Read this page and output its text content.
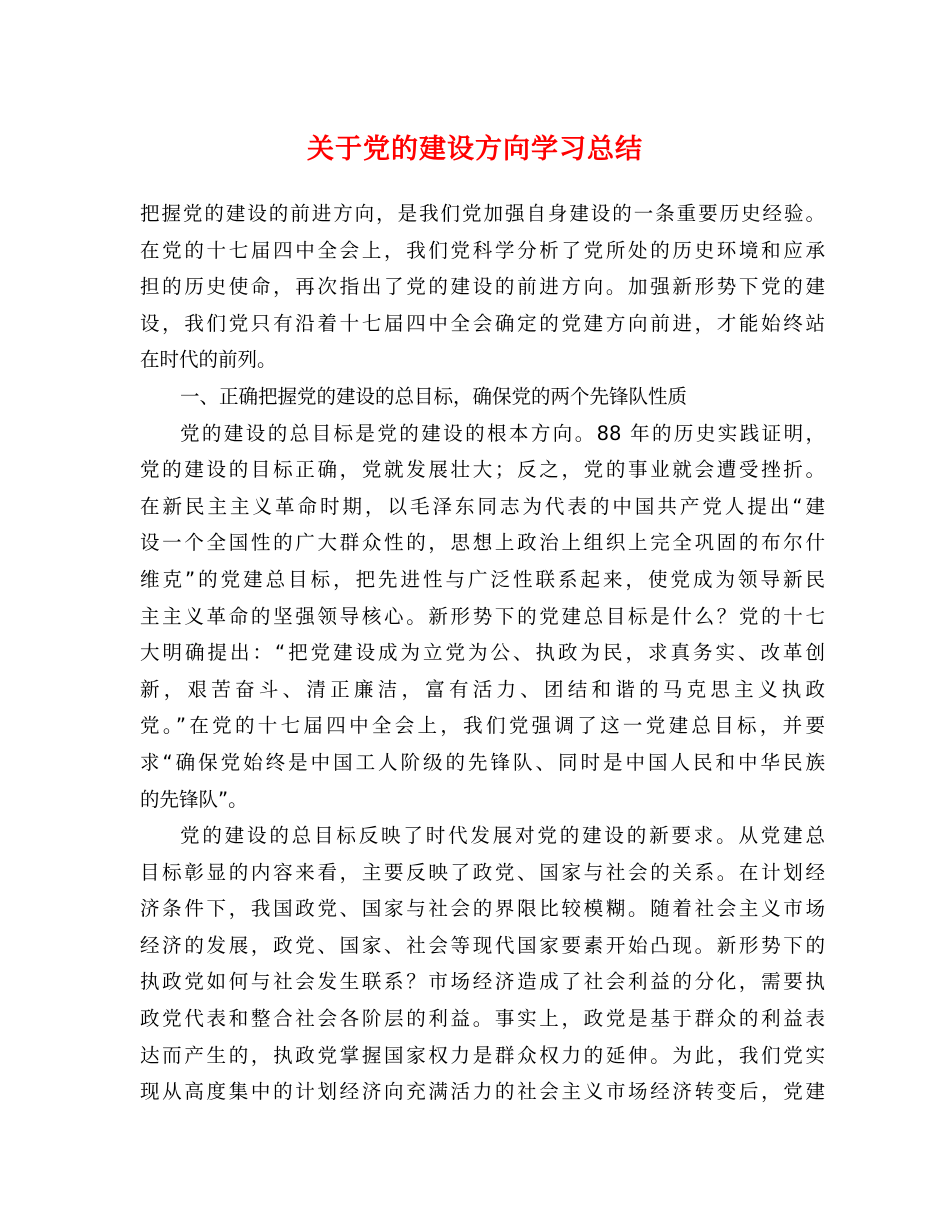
关于党的建设方向学习总结
把握党的建设的前进方向，是我们党加强自身建设的一条重要历史经验。
在党的十七届四中全会上，我们党科学分析了党所处的历史环境和应承
担的历史使命，再次指出了党的建设的前进方向。加强新形势下党的建
设，我们党只有沿着十七届四中全会确定的党建方向前进，才能始终站
在时代的前列。
一、正确把握党的建设的总目标，确保党的两个先锋队性质
党的建设的总目标是党的建设的根本方向。88 年的历史实践证明，
党的建设的目标正确，党就发展壮大；反之，党的事业就会遭受挫折。
在新民主主义革命时期，以毛泽东同志为代表的中国共产党人提出“建
设一个全国性的广大群众性的，思想上政治上组织上完全巩固的布尔什
维克”的党建总目标，把先进性与广泛性联系起来，使党成为领导新民
主主义革命的坚强领导核心。新形势下的党建总目标是什么？党的十七
大明确提出：“把党建设成为立党为公、执政为民，求真务实、改革创
新，艰苦奋斗、清正廉洁，富有活力、团结和谐的马克思主义执政
党。”在党的十七届四中全会上，我们党强调了这一党建总目标，并要
求“确保党始终是中国工人阶级的先锋队、同时是中国人民和中华民族
的先锋队”。
党的建设的总目标反映了时代发展对党的建设的新要求。从党建总
目标彰显的内容来看，主要反映了政党、国家与社会的关系。在计划经
济条件下，我国政党、国家与社会的界限比较模糊。随着社会主义市场
经济的发展，政党、国家、社会等现代国家要素开始凸现。新形势下的
执政党如何与社会发生联系？市场经济造成了社会利益的分化，需要执
政党代表和整合社会各阶层的利益。事实上，政党是基于群众的利益表
达而产生的，执政党掌握国家权力是群众权力的延伸。为此，我们党实
现从高度集中的计划经济向充满活力的社会主义市场经济转变后，党建
